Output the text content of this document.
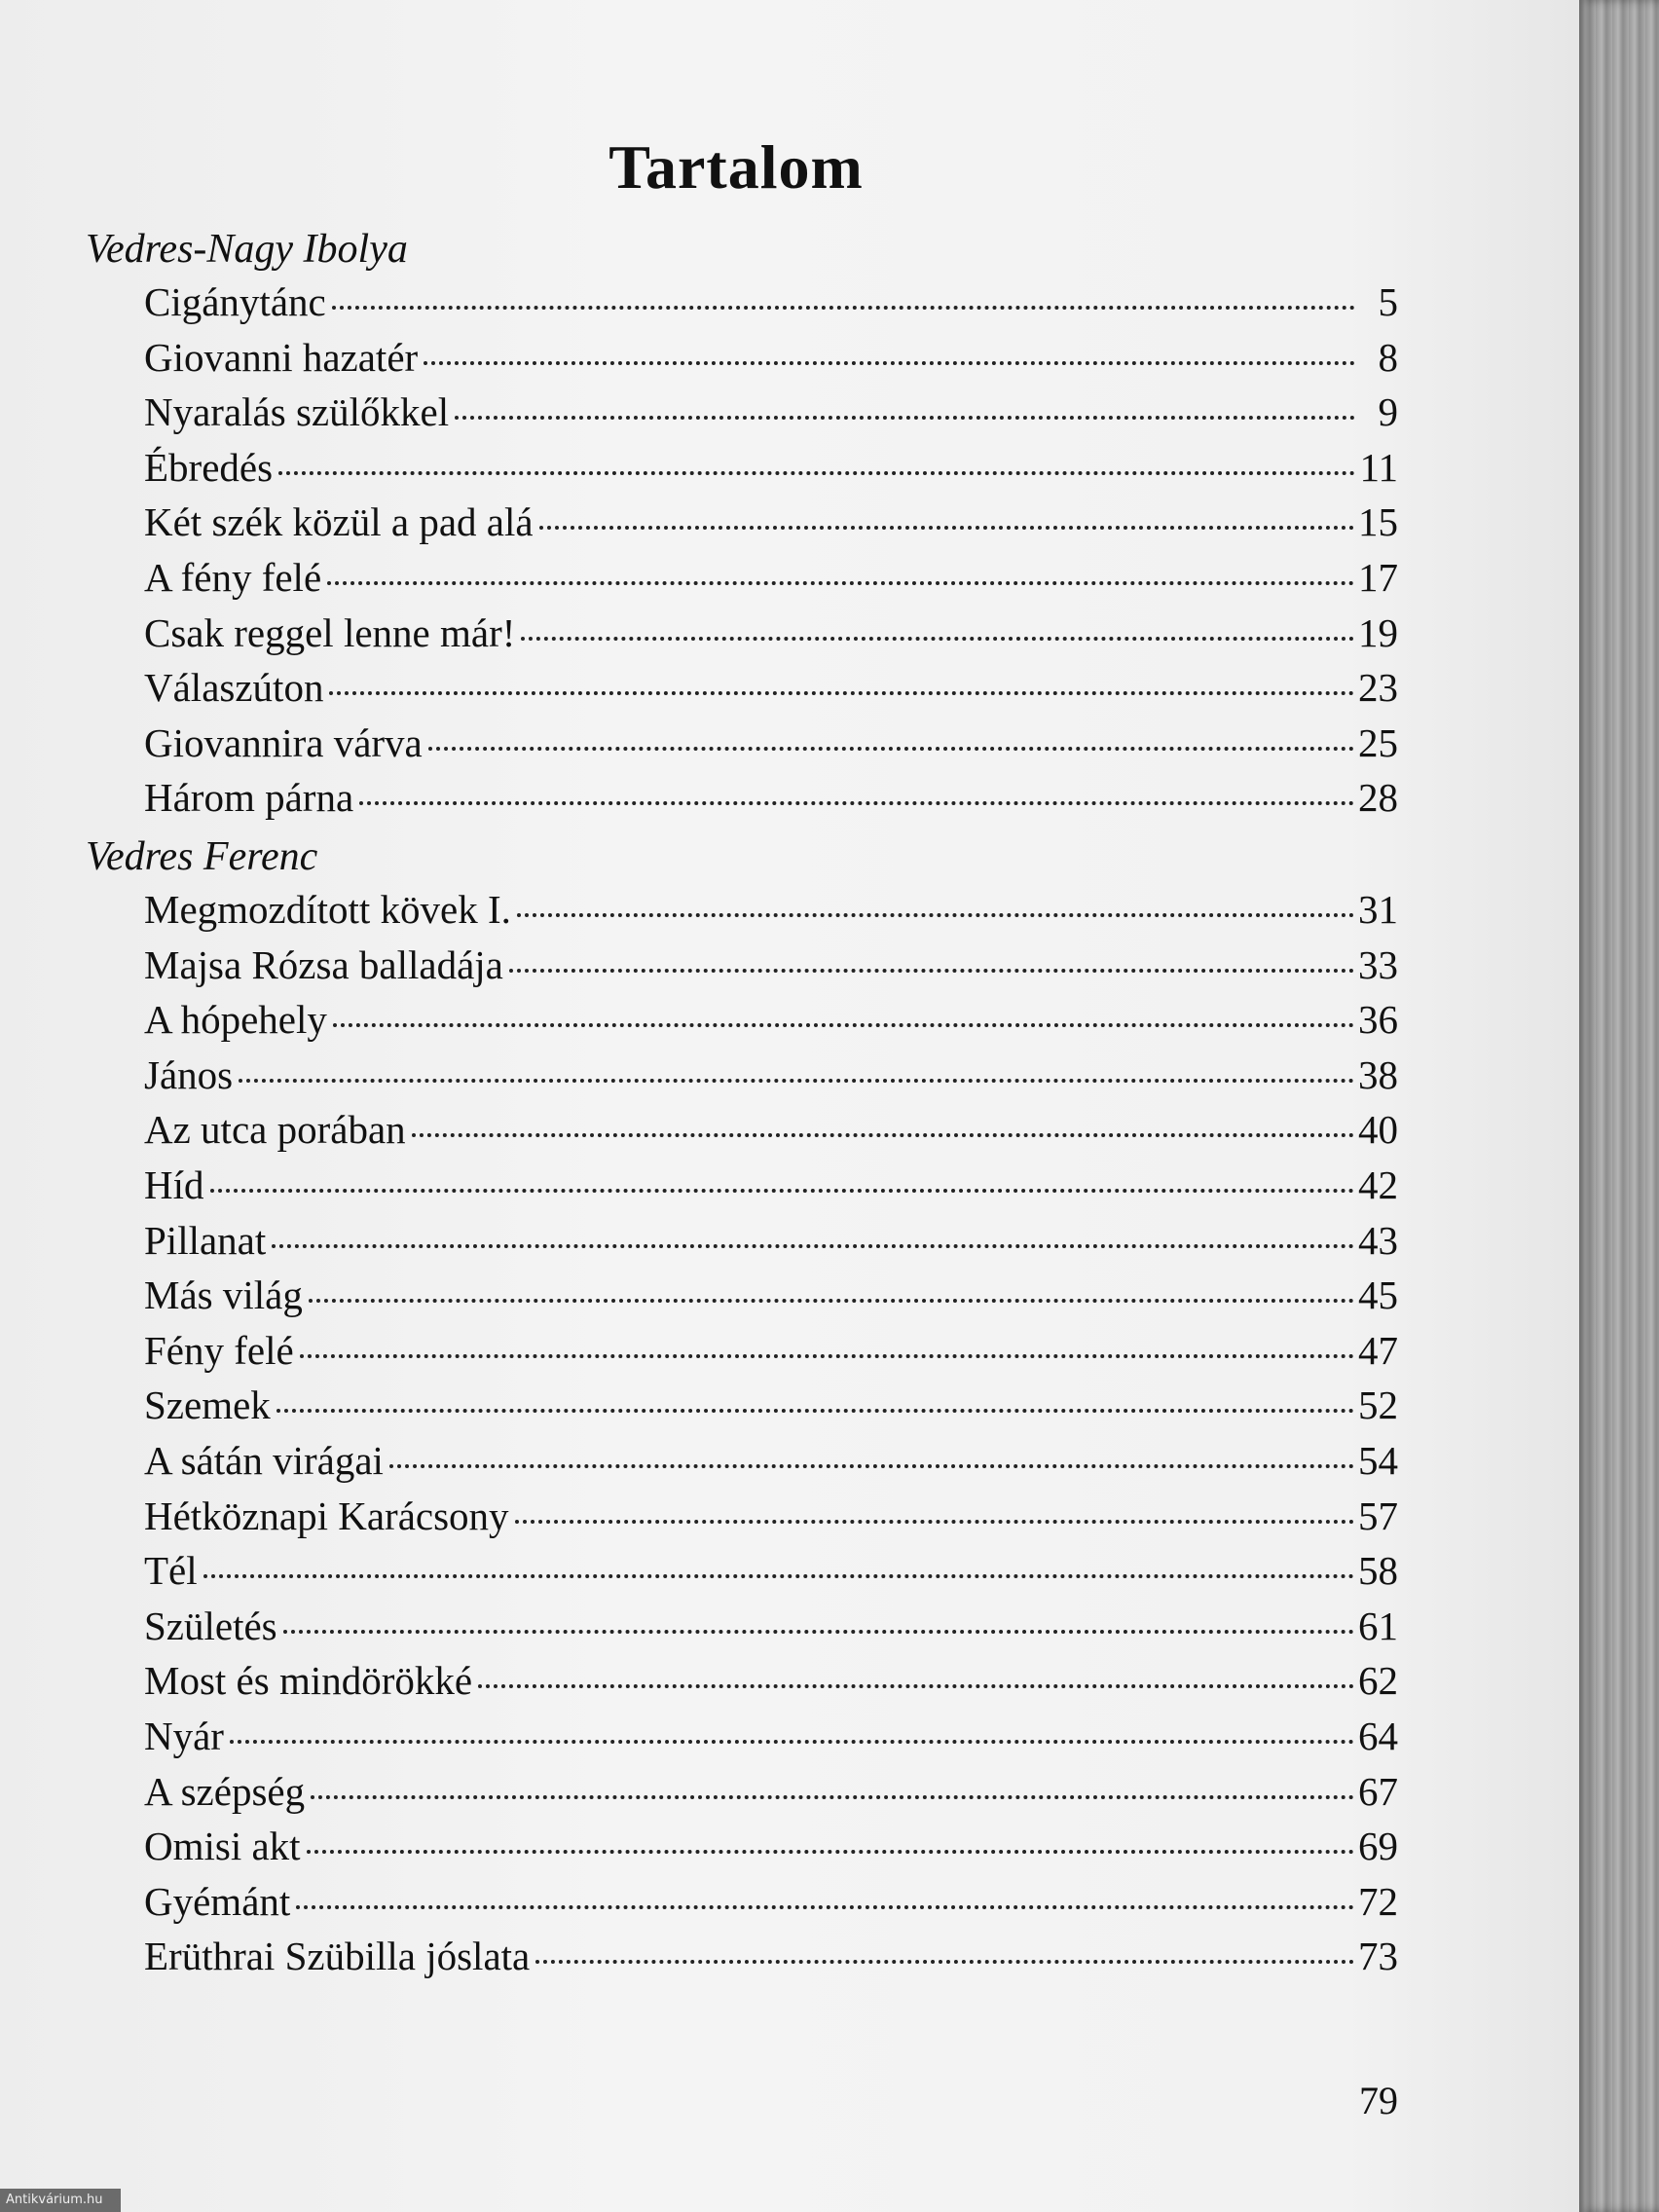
Tartalom
Vedres-Nagy Ibolya
Cigánytánc	5
Giovanni hazatér	8
Nyaralás szülőkkel	9
Ébredés	11
Két szék közül a pad alá	15
A fény felé	17
Csak reggel lenne már!	19
Válaszúton	23
Giovannira várva	25
Három párna	28
Vedres Ferenc
Megmozdított kövek I.	31
Majsa Rózsa balladája	33
A hópehely	36
János	38
Az utca porában	40
Híd	42
Pillanat	43
Más világ	45
Fény felé	47
Szemek	52
A sátán virágai	54
Hétköznapi Karácsony	57
Tél	58
Születés	61
Most és mindörökké	62
Nyár	64
A szépség	67
Omisi akt	69
Gyémánt	72
Erüthrai Szübilla jóslata	73
79
Antikvárium.hu
